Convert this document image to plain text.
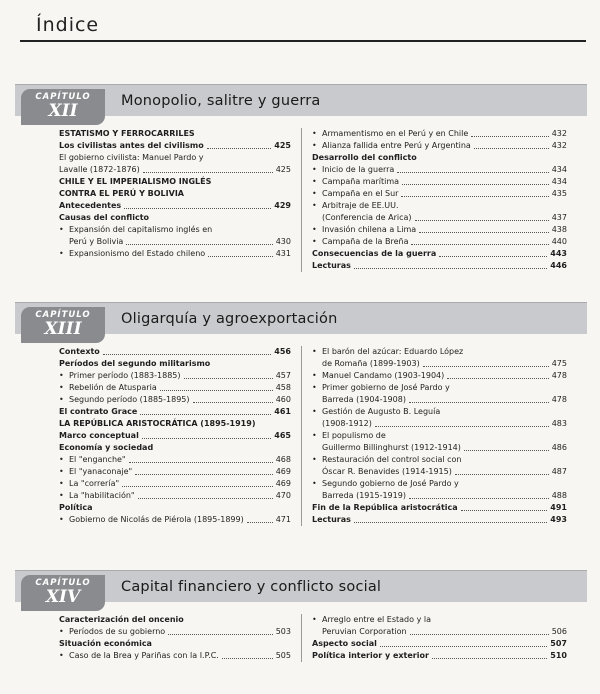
Índice
CAPÍTULO
XII	Monopolio, salitre y guerra
ESTATISMO Y FERROCARRILES
Los civilistas antes del civilismo	425
El gobierno civilista: Manuel Pardo y
Lavalle (1872-1876)	425
CHILE Y EL IMPERIALISMO INGLÉS
CONTRA EL PERÚ Y BOLIVIA
Antecedentes	429
Causas del conflicto
• Expansión del capitalismo inglés en
Perú y Bolivia	430
• Expansionismo del Estado chileno	431
• Armamentismo en el Perú y en Chile	432
• Alianza fallida entre Perú y Argentina	432
Desarrollo del conflicto
• Inicio de la guerra	434
• Campaña marítima	434
• Campaña en el Sur	435
• Arbitraje de EE.UU.
(Conferencia de Arica)	437
• Invasión chilena a Lima	438
• Campaña de la Breña	440
Consecuencias de la guerra	443
Lecturas	446
CAPÍTULO
XIII	Oligarquía y agroexportación
Contexto	456
Períodos del segundo militarismo
• Primer período (1883-1885)	457
• Rebelión de Atusparia	458
• Segundo período (1885-1895)	460
El contrato Grace	461
LA REPÚBLICA ARISTOCRÁTICA (1895-1919)
Marco conceptual	465
Economía y sociedad
• El "enganche"	468
• El "yanaconaje"	469
• La "correría"	469
• La "habilitación"	470
Política
• Gobierno de Nicolás de Piérola (1895-1899)	471
• El barón del azúcar: Eduardo López
de Romaña (1899-1903)	475
• Manuel Candamo (1903-1904)	478
• Primer gobierno de José Pardo y
Barreda (1904-1908)	478
• Gestión de Augusto B. Leguía
(1908-1912)	483
• El populismo de
Guillermo Billinghurst (1912-1914)	486
• Restauración del control social con
Óscar R. Benavides (1914-1915)	487
• Segundo gobierno de José Pardo y
Barreda (1915-1919)	488
Fin de la República aristocrática	491
Lecturas	493
CAPÍTULO
XIV	Capital financiero y conflicto social
Caracterización del oncenio
• Períodos de su gobierno	503
Situación económica
• Caso de la Brea y Pariñas con la I.P.C.	505
• Arreglo entre el Estado y la
Peruvian Corporation	506
Aspecto social	507
Política interior y exterior	510
